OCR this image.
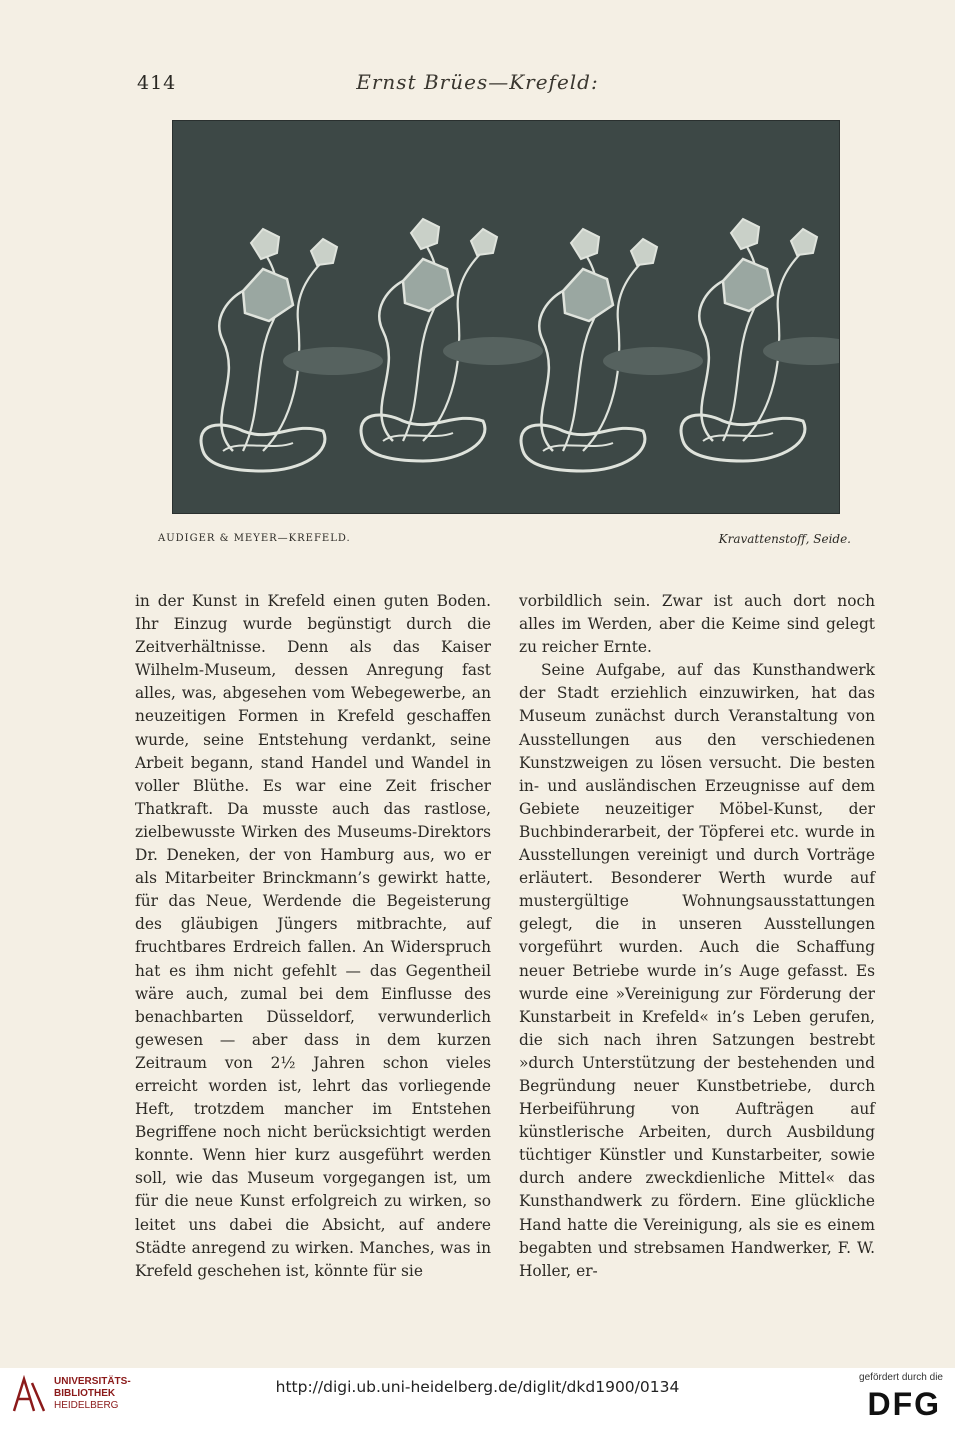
414	Ernst Brües—Krefeld:
AUDIGER & MEYER—KREFELD.	Kravattenstoff, Seide.

in der Kunst in Krefeld einen guten Boden. Ihr Einzug wurde begünstigt durch die Zeitverhältnisse. Denn als das Kaiser Wilhelm-Museum, dessen Anregung fast alles, was, abgesehen vom Webegewerbe, an neuzeitigen Formen in Krefeld geschaffen wurde, seine Entstehung verdankt, seine Arbeit begann, stand Handel und Wandel in voller Blüthe. Es war eine Zeit frischer Thatkraft. Da musste auch das rastlose, zielbewusste Wirken des Museums-Direktors Dr. Deneken, der von Hamburg aus, wo er als Mitarbeiter Brinckmann’s gewirkt hatte, für das Neue, Werdende die Begeisterung des gläubigen Jüngers mitbrachte, auf fruchtbares Erdreich fallen. An Widerspruch hat es ihm nicht gefehlt — das Gegentheil wäre auch, zumal bei dem Einflusse des benachbarten Düsseldorf, verwunderlich gewesen — aber dass in dem kurzen Zeitraum von 2½ Jahren schon vieles erreicht worden ist, lehrt das vorliegende Heft, trotzdem mancher im Entstehen Begriffene noch nicht berücksichtigt werden konnte. Wenn hier kurz ausgeführt werden soll, wie das Museum vorgegangen ist, um für die neue Kunst erfolgreich zu wirken, so leitet uns dabei die Absicht, auf andere Städte anregend zu wirken. Manches, was in Krefeld geschehen ist, könnte für sie

vorbildlich sein. Zwar ist auch dort noch alles im Werden, aber die Keime sind gelegt zu reicher Ernte.

Seine Aufgabe, auf das Kunsthandwerk der Stadt erziehlich einzuwirken, hat das Museum zunächst durch Veranstaltung von Ausstellungen aus den verschiedenen Kunstzweigen zu lösen versucht. Die besten in- und ausländischen Erzeugnisse auf dem Gebiete neuzeitiger Möbel-Kunst, der Buchbinderarbeit, der Töpferei etc. wurde in Ausstellungen vereinigt und durch Vorträge erläutert. Besonderer Werth wurde auf mustergültige Wohnungsausstattungen gelegt, die in unseren Ausstellungen vorgeführt wurden. Auch die Schaffung neuer Betriebe wurde in’s Auge gefasst. Es wurde eine »Vereinigung zur Förderung der Kunstarbeit in Krefeld« in’s Leben gerufen, die sich nach ihren Satzungen bestrebt »durch Unterstützung der bestehenden und Begründung neuer Kunstbetriebe, durch Herbeiführung von Aufträgen auf künstlerische Arbeiten, durch Ausbildung tüchtiger Künstler und Kunstarbeiter, sowie durch andere zweckdienliche Mittel« das Kunsthandwerk zu fördern. Eine glückliche Hand hatte die Vereinigung, als sie es einem begabten und strebsamen Handwerker, F. W. Holler, er-

UNIVERSITÄTS-
BIBLIOTHEK
HEIDELBERG
http://digi.ub.uni-heidelberg.de/diglit/dkd1900/0134
gefördert durch die
DFG
